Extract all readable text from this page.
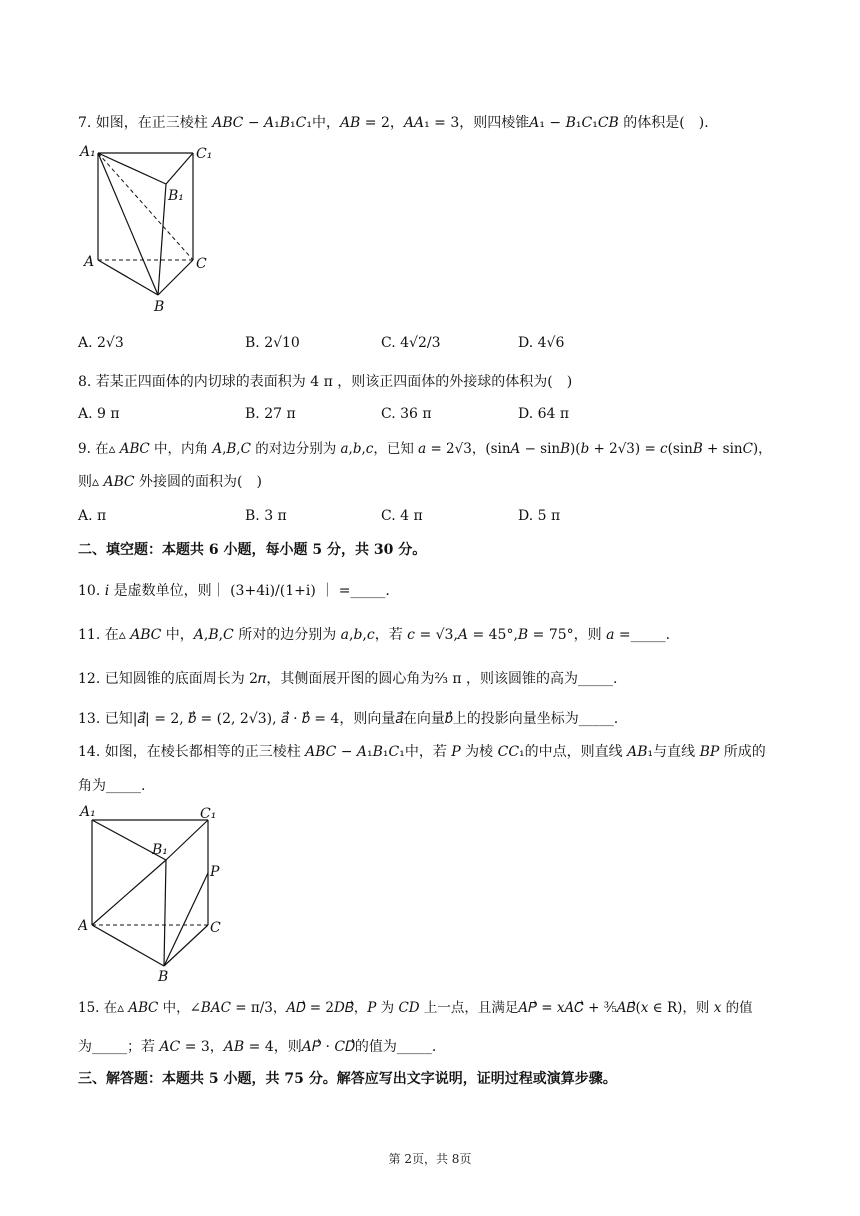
7. 如图，在正三棱柱 𝐴𝐵𝐶 − 𝐴₁𝐵₁𝐶₁中，𝐴𝐵 = 2，𝐴𝐴₁ = 3，则四棱锥𝐴₁ − 𝐵₁𝐶₁𝐶𝐵 的体积是(　).
A₁	C₁
B₁
A	C
B
A. 2√3	B. 2√10	C. 4√2/3	D. 4√6
8. 若某正四面体的内切球的表面积为 4 π ，则该正四面体的外接球的体积为(　)
A. 9 π	B. 27 π	C. 36 π	D. 64 π
9. 在▵ 𝐴𝐵𝐶 中，内角 𝐴,𝐵,𝐶 的对边分别为 𝑎,𝑏,𝑐，已知 𝑎 = 2√3，(sin𝐴 − sin𝐵)(𝑏 + 2√3) = 𝑐(sin𝐵 + sin𝐶)，
则▵ 𝐴𝐵𝐶 外接圆的面积为(　)
A. π	B. 3 π	C. 4 π	D. 5 π
二、填空题：本题共 6 小题，每小题 5 分，共 30 分。
10. 𝑖 是虚数单位，则｜ (3+4i)/(1+i) ｜ =_____.
11. 在▵ 𝐴𝐵𝐶 中，𝐴,𝐵,𝐶 所对的边分别为 𝑎,𝑏,𝑐，若 𝑐 = √3,𝐴 = 45°,𝐵 = 75°，则 𝑎 =_____.
12. 已知圆锥的底面周长为 2𝜋，其侧面展开图的圆心角为⅔ π ，则该圆锥的高为_____.
13. 已知|𝑎⃗| = 2, 𝑏⃗ = (2, 2√3), 𝑎⃗ · 𝑏⃗ = 4，则向量𝑎⃗在向量𝑏⃗上的投影向量坐标为_____.
14. 如图，在棱长都相等的正三棱柱 𝐴𝐵𝐶 − 𝐴₁𝐵₁𝐶₁中，若 𝑃 为棱 𝐶𝐶₁的中点，则直线 𝐴𝐵₁与直线 𝐵𝑃 所成的
角为_____.
A₁	C₁
B₁
P
A	C
B
15. 在▵ 𝐴𝐵𝐶 中，∠𝐵𝐴𝐶 = π/3，𝐴𝐷⃗ = 2𝐷𝐵⃗，𝑃 为 𝐶𝐷 上一点，且满足𝐴𝑃⃗ = 𝑥𝐴𝐶⃗ + ⅗𝐴𝐵⃗(𝑥 ∈ R)，则 𝑥 的值
为_____；若 𝐴𝐶 = 3，𝐴𝐵 = 4，则𝐴𝑃⃗ · 𝐶𝐷⃗的值为_____.
三、解答题：本题共 5 小题，共 75 分。解答应写出文字说明，证明过程或演算步骤。
第 2页，共 8页
